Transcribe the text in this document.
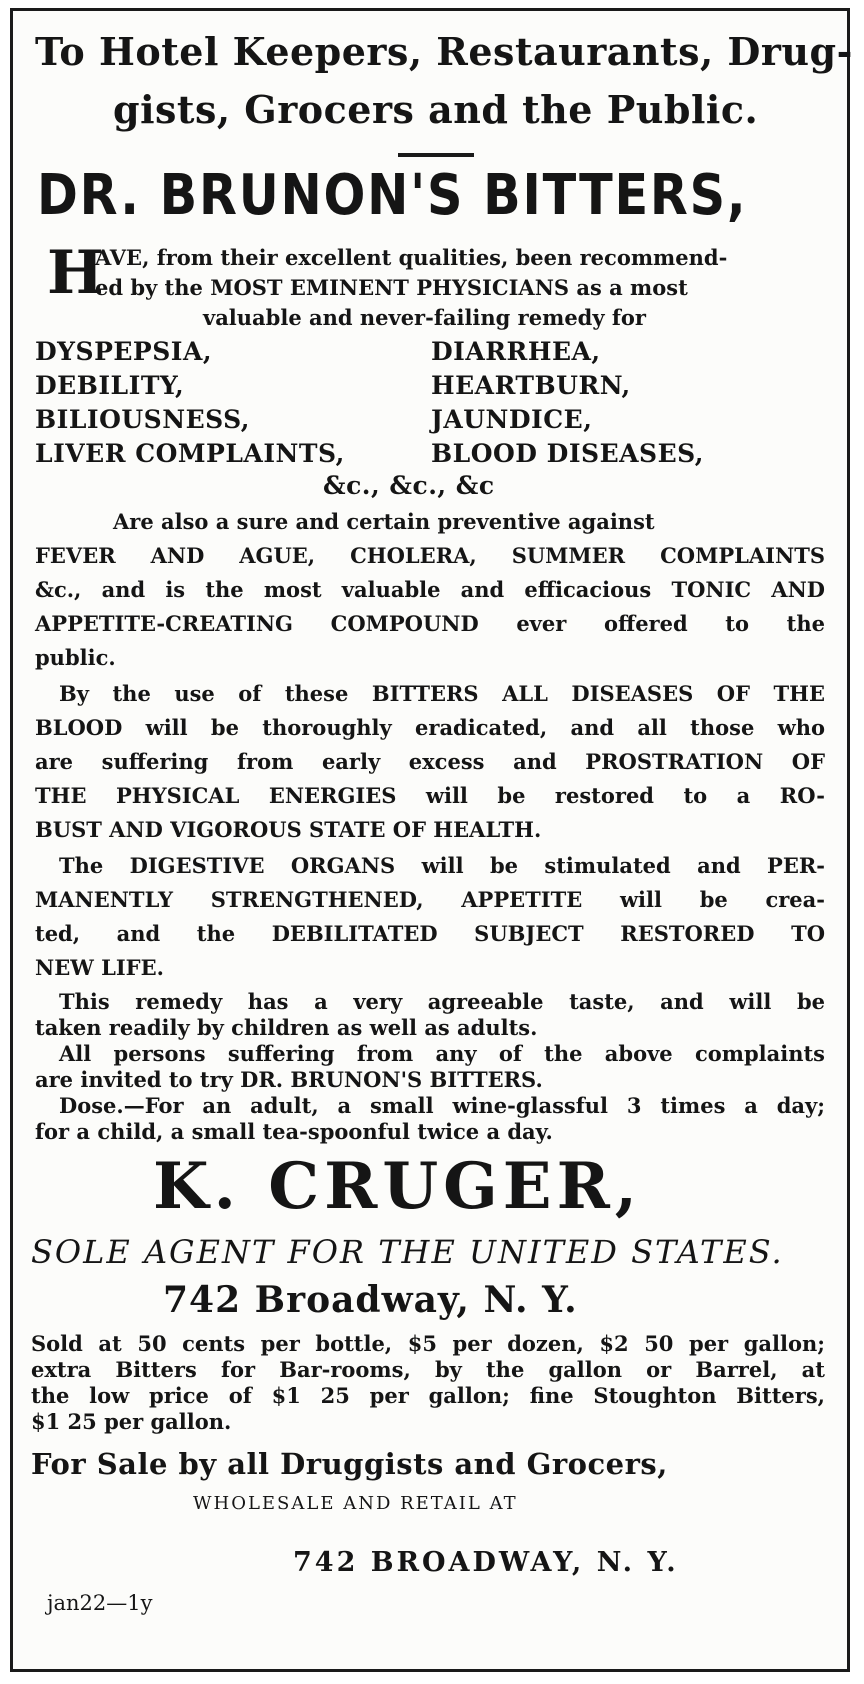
To Hotel Keepers, Restaurants, Drug-
gists, Grocers and the Public.
DR. BRUNON'S BITTERS,
H
AVE, from their excellent qualities, been recommend-
ed by the MOST EMINENT PHYSICIANS as a most
valuable and never-failing remedy for
DYSPEPSIA,
DEBILITY,
BILIOUSNESS,
LIVER COMPLAINTS,
DIARRHEA,
HEARTBURN,
JAUNDICE,
BLOOD DISEASES,
&c., &c., &c
Are also a sure and certain preventive against
FEVER AND AGUE, CHOLERA, SUMMER COMPLAINTS
&c., and is the most valuable and efficacious TONIC AND
APPETITE-CREATING COMPOUND ever offered to the
public.
By the use of these BITTERS ALL DISEASES OF THE
BLOOD will be thoroughly eradicated, and all those who
are suffering from early excess and PROSTRATION OF
THE PHYSICAL ENERGIES will be restored to a RO-
BUST AND VIGOROUS STATE OF HEALTH.
The DIGESTIVE ORGANS will be stimulated and PER-
MANENTLY STRENGTHENED, APPETITE will be crea-
ted, and the DEBILITATED SUBJECT RESTORED TO
NEW LIFE.
This remedy has a very agreeable taste, and will be
taken readily by children as well as adults.
All persons suffering from any of the above complaints
are invited to try DR. BRUNON'S BITTERS.
Dose.—For an adult, a small wine-glassful 3 times a day;
for a child, a small tea-spoonful twice a day.
K. CRUGER,
SOLE AGENT FOR THE UNITED STATES.
742 Broadway, N. Y.
Sold at 50 cents per bottle, $5 per dozen, $2 50 per gallon;
extra Bitters for Bar-rooms, by the gallon or Barrel, at
the low price of $1 25 per gallon; fine Stoughton Bitters,
$1 25 per gallon.
For Sale by all Druggists and Grocers,
WHOLESALE AND RETAIL AT
742 BROADWAY, N. Y.
jan22—1y
